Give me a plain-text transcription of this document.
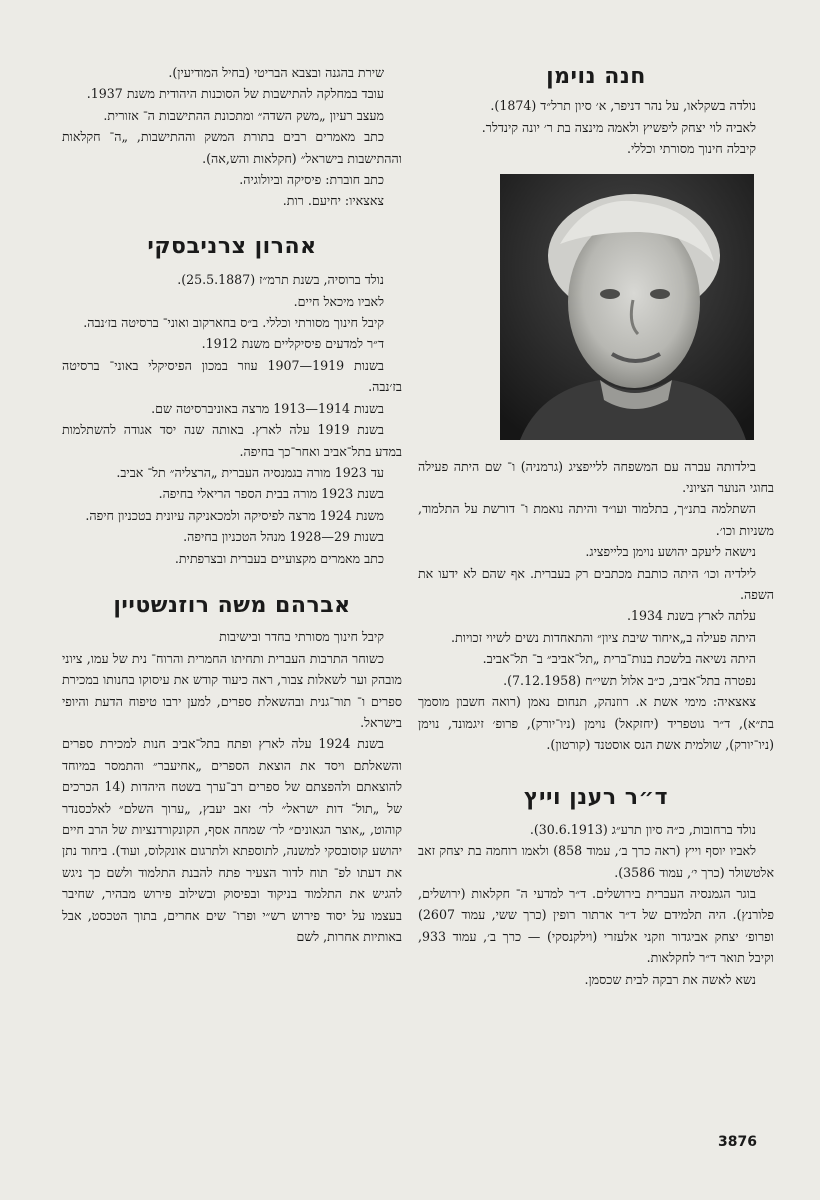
חנה נוימן

נולדה בשקלאו, על נהר דניפר, א׳ סיון תרל״ד (1874).

לאביה לוי יצחק ליפשיץ ולאמה מינצה בת ר׳ יונה קינדלר.

קיבלה חינוך מסורתי וכללי.

בילדותה עברה עם המשפחה ללייפציג (גרמניה) ו־ שם היתה פעילה בחוגי הנוער הציוני.

השתלמה בתנ״ך, בתלמוד ועו״ד והיתה נואמת ו־ דורשת על התלמוד, משניות וכו׳.

נישאה ליעקב יהושע נוימן בלייפציג.

לילדיה וכו׳ היתה כותבת מכתבים רק בעברית. אף שהם לא ידעו את השפה.

עלתה לארץ בשנת 1934.

היתה פעילה ב„איחוד שיבת ציון״ והתאחדות נשים לשיוי זכויות.

היתה נשיאה בלשכת בנות־ברית „תל־אביב״ ב־ תל־אביב.

נפטרה בתל־אביב, כ״ב אלול תשי״ח (7.12.1958).

צאצאיה: מימי אשת א. רוזנהק, תנחום נאמן (רואה חשבון מוסמך בת״א), ד״ר גוטפריד (יחזקאל) נוימן (ניו־יורק), פרופ׳ זיגמונד, נוימן (ניו־יורק), שולמית אשת הנס אוסטנד (קורטון).

ד״ר רענן וייץ

נולד ברחובות, כ״ה סיון תרע״ג (30.6.1913).

לאביו יוסף וייץ (ראה כרך ב׳, עמוד 858) ולאמו רוחמה בת יצחק זאב אלטשולר (כרך י׳, עמוד 3586).

בוגר הגמנסיה העברית בירושלים. ד״ר למדעי ה־ חקלאות (ירושלים, פלורנץ). היה תלמידם של ד״ר ארתור רופין (כרך ששי, עמוד 2607) ופרופ׳ יצחק אביגדור וזקני אלעזרי (וילקנסקי) — כרך ב׳, עמוד 933, וקיבל תואר ד״ר לחקלאות.

נשא לאשה את רבקה לבית שכסמן.

שירת בהגנה ובצבא הבריטי (בחיל המודיעין).

עובד במחלקה להתישבות של הסוכנות היהודית משנת 1937.

מעצב רעיון „משק השדה״ ומתכונת ההתישבות ה־ אזורית.

כתב מאמרים רבים בתורת המשק וההתישבות, „ה־ חקלאות וההתישבות בישראל״ (חקלאות והש,אה).

כתב חוברת: פיסיקה וביולוגיה.

צאצאיו: יחיעם. רות.

אהרון צרניבסקי

נולד ברוסיה, בשנת תרמ״ז (25.5.1887).

לאביו מיכאל חיים.

קיבל חינוך מסורתי וכללי. ב״ס בחארקוב ואוני־ ברסיטה בז׳נבה.

ד״ר למדעים פיסיקליים משנת 1912.

בשנות 1919—1907 עוזר במכון הפיסיקלי באוני־ ברסיטה בז׳נבה.

בשנות 1914—1913 מרצה באוניברסיטה שם.

בשנת 1919 עלה לארץ. באותה שנה יסד אגודה להשתלמות במדע בתל־אביב ואחר־כך בחיפה.

עד 1923 מורה בגמנסיה העברית „הרצליה״ תל־ אביב.

בשנת 1923 מורה בבית הספר הריאלי בחיפה.

משנת 1924 מרצה לפיסיקה ולמכאניקה עיונית בטכניון חיפה.

בשנות 29—1928 מנהל הטכניון בחיפה.

כתב מאמרים מקצועיים בעברית ובצרפתית.

אברהם משה רוזנשטיין

קיבל חינוך מסורתי בחדר ובישיבות

כשוחר התרבות העברית ותחיתו החמרית והרוח־ נית של עמו, ציוני מובהק וער לשאלות צבור, ראה כיעוד קודש את עיסוקו בחנותו במכירת ספרים ו־ תור־גנית ובהשאלת ספרים, למען ירבו טיפוח הדעת והיופי בישראל.

בשנת 1924 עלה לארץ ופתח בתל־אביב חנות למכירת ספרים והשאלתם ויסד את הוצאת הספרים „אחיעבר״ והתמסר במיוחד להוצאתם ולהפצתם של ספרים רב־ערך בשטח היהדות (14 הכרכים של „תול־ דות ישראל״ לר׳ זאב יעבץ, „ערוך השלם״ לאלכסנדר קוהוט, „אוצר הגאונים״ לר׳ שמחה אסף, הקונקורדנציות של הרב חיים יהושע קוסובסקי למשנה, לתוספתא ולתרגום אונקלוס, ועוד). ביחוד נתן את דעתו לפ־ תוח לדור הצעיר פתח להבנת התלמוד ולשם כך ניגש להגיש את התלמוד בניקוד ובפיסוק ובשילוב פירוש מבהיר, שחיבר בעצמו על יסוד פירוש רש״י ופרו־ שים אחרים, בתוך הטכסט, אבל באותיות אחרות, לשם

3876
